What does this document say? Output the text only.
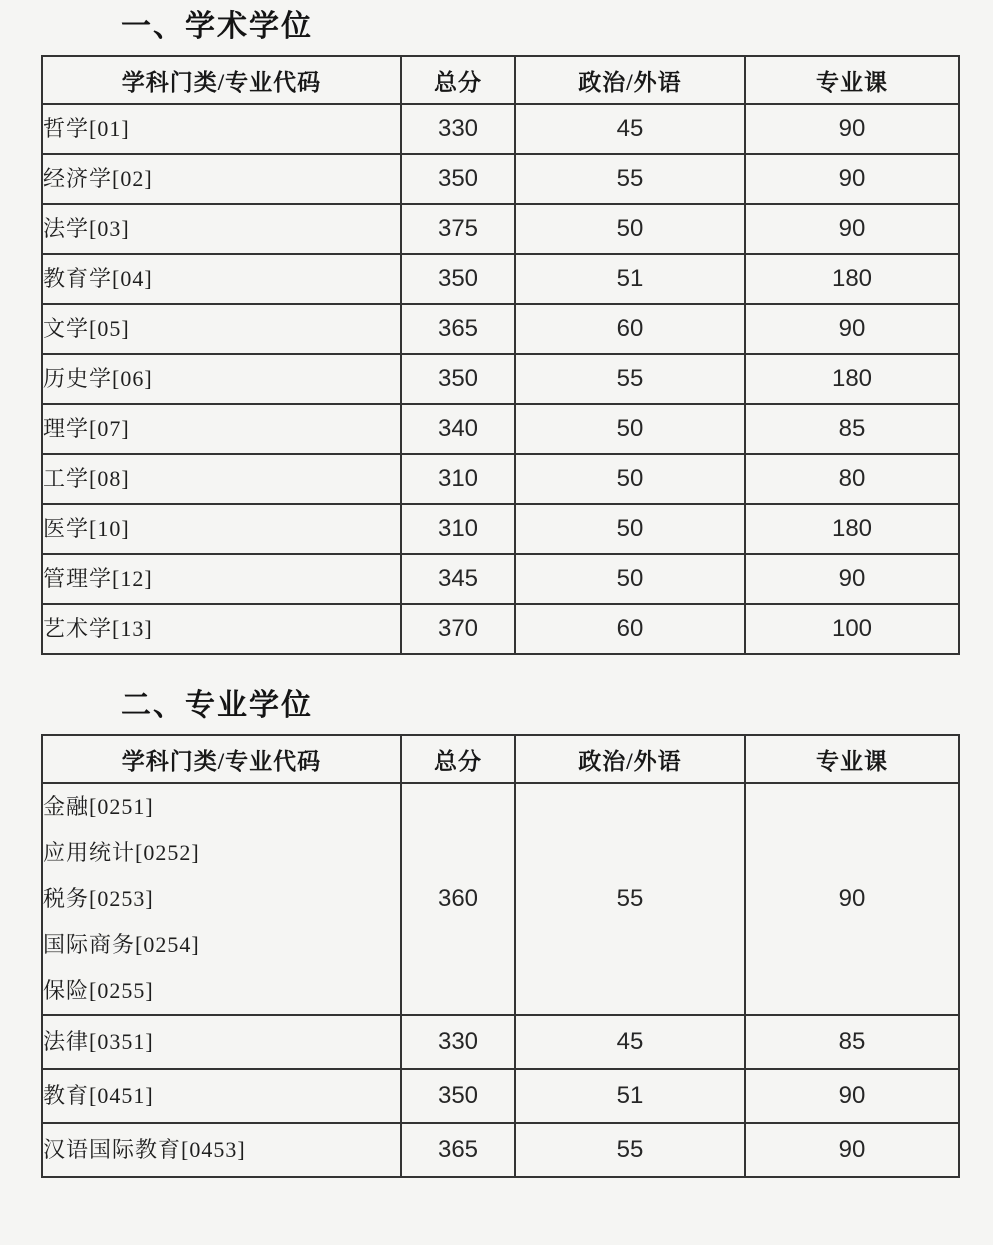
一、学术学位
学科门类/专业代码	总分	政治/外语	专业课

哲学[01]	330	45	90

经济学[02]	350	55	90

法学[03]	375	50	90

教育学[04]	350	51	180

文学[05]	365	60	90

历史学[06]	350	55	180

理学[07]	340	50	85

工学[08]	310	50	80

医学[10]	310	50	180

管理学[12]	345	50	90

艺术学[13]	370	60	100
二、专业学位
学科门类/专业代码	总分	政治/外语	专业课

金融[0251]
应用统计[0252]
税务[0253]
国际商务[0254]
保险[0255]	360	55	90

法律[0351]	330	45	85

教育[0451]	350	51	90

汉语国际教育[0453]	365	55	90
